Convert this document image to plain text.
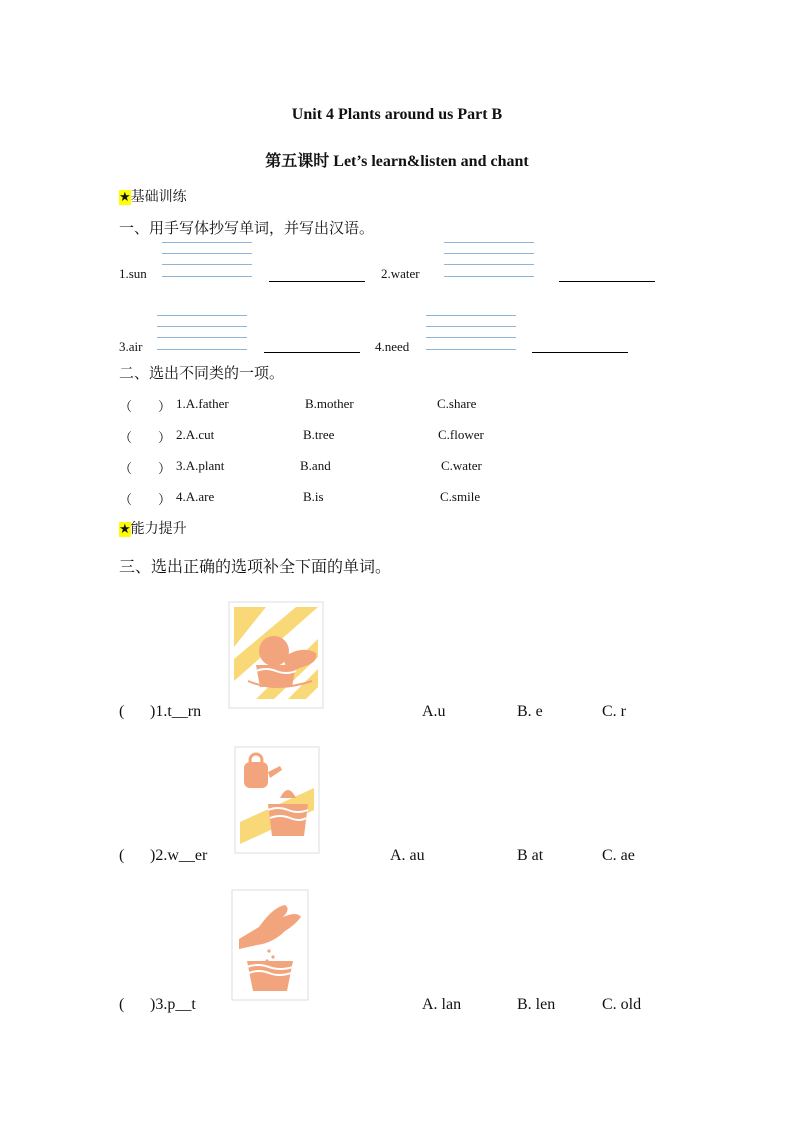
Unit 4 Plants around us Part B
第五课时 Let’s learn&listen and chant
★基础训练
一、用手写体抄写单词，并写出汉语。
1.sun	2.water
3.air	4.need
二、选出不同类的一项。
（　　） 1.A.father	B.mother	C.share
（　　） 2.A.cut	B.tree	C.flower
（　　） 3.A.plant	B.and	C.water
（　　） 4.A.are	B.is	C.smile
★能力提升
三、选出正确的选项补全下面的单词。
( )1.t__rn	A.u	B. e	C. r
( )2.w__er	A. au	B at	C. ae
( )3.p__t	A. lan	B. len	C. old
